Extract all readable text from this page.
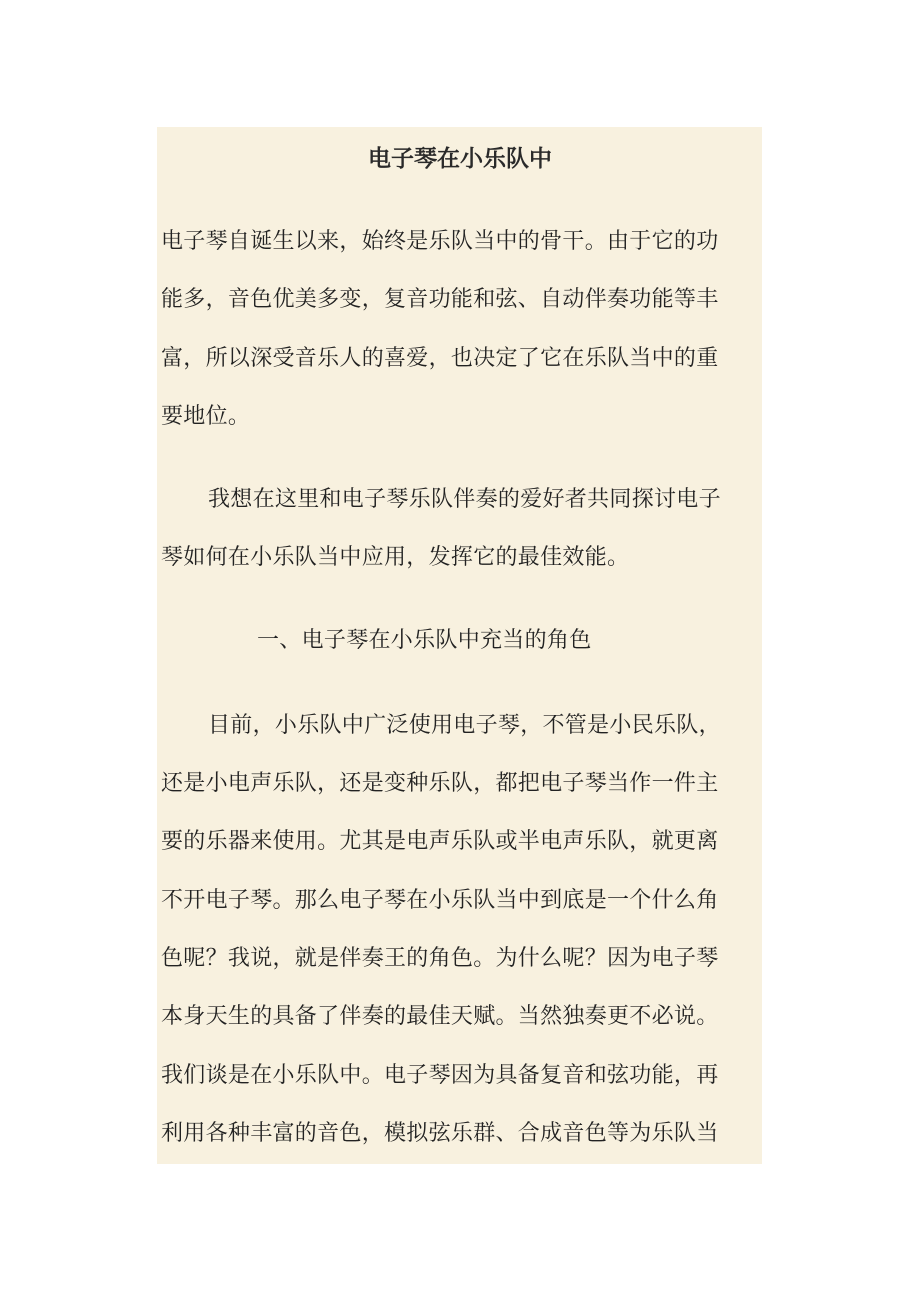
电子琴在小乐队中
电子琴自诞生以来，始终是乐队当中的骨干。由于它的功
能多，音色优美多变，复音功能和弦、自动伴奏功能等丰
富，所以深受音乐人的喜爱，也决定了它在乐队当中的重
要地位。
我想在这里和电子琴乐队伴奏的爱好者共同探讨电子
琴如何在小乐队当中应用，发挥它的最佳效能。
一、电子琴在小乐队中充当的角色
目前，小乐队中广泛使用电子琴，不管是小民乐队，
还是小电声乐队，还是变种乐队，都把电子琴当作一件主
要的乐器来使用。尤其是电声乐队或半电声乐队，就更离
不开电子琴。那么电子琴在小乐队当中到底是一个什么角
色呢？我说，就是伴奏王的角色。为什么呢？因为电子琴
本身天生的具备了伴奏的最佳天赋。当然独奏更不必说。
我们谈是在小乐队中。电子琴因为具备复音和弦功能，再
利用各种丰富的音色，模拟弦乐群、合成音色等为乐队当
